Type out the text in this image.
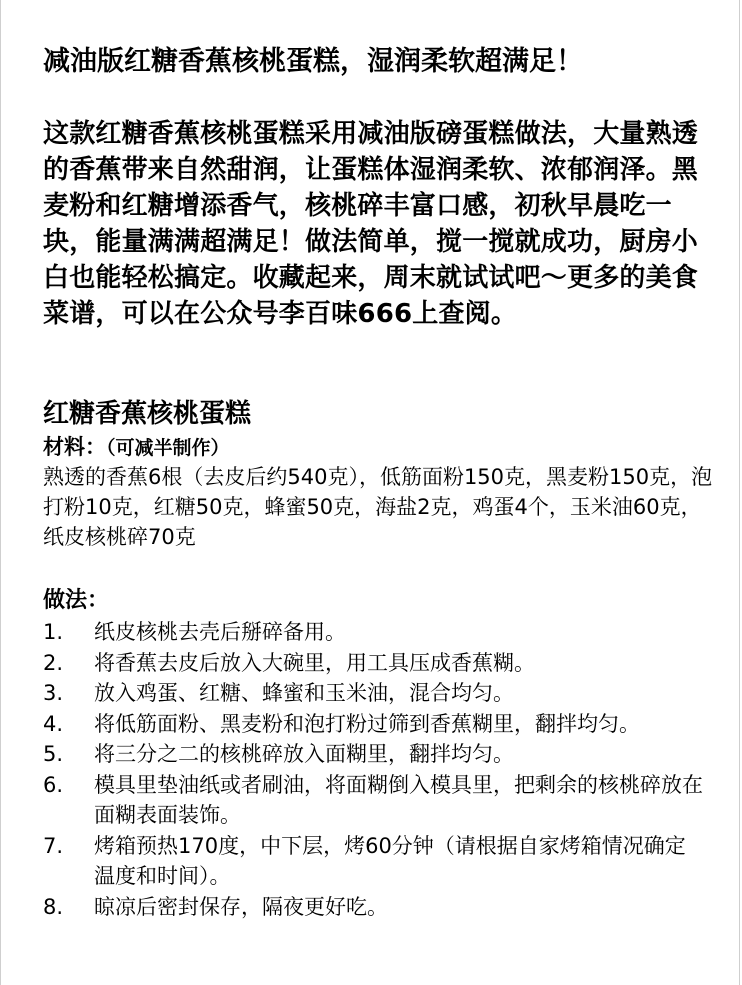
减油版红糖香蕉核桃蛋糕，湿润柔软超满足！
这款红糖香蕉核桃蛋糕采用减油版磅蛋糕做法，大量熟透的香蕉带来自然甜润，让蛋糕体湿润柔软、浓郁润泽。黑麦粉和红糖增添香气，核桃碎丰富口感，初秋早晨吃一块，能量满满超满足！做法简单，搅一搅就成功，厨房小白也能轻松搞定。收藏起来，周末就试试吧～更多的美食菜谱，可以在公众号李百味666上查阅。
红糖香蕉核桃蛋糕
材料：（可减半制作）
熟透的香蕉6根（去皮后约540克），低筋面粉150克，黑麦粉150克，泡打粉10克，红糖50克，蜂蜜50克，海盐2克，鸡蛋4个，玉米油60克，纸皮核桃碎70克
做法：
1.	纸皮核桃去壳后掰碎备用。
2.	将香蕉去皮后放入大碗里，用工具压成香蕉糊。
3.	放入鸡蛋、红糖、蜂蜜和玉米油，混合均匀。
4.	将低筋面粉、黑麦粉和泡打粉过筛到香蕉糊里，翻拌均匀。
5.	将三分之二的核桃碎放入面糊里，翻拌均匀。
6.	模具里垫油纸或者刷油，将面糊倒入模具里，把剩余的核桃碎放在面糊表面装饰。
7.	烤箱预热170度，中下层，烤60分钟（请根据自家烤箱情况确定温度和时间）。
8.	晾凉后密封保存，隔夜更好吃。
